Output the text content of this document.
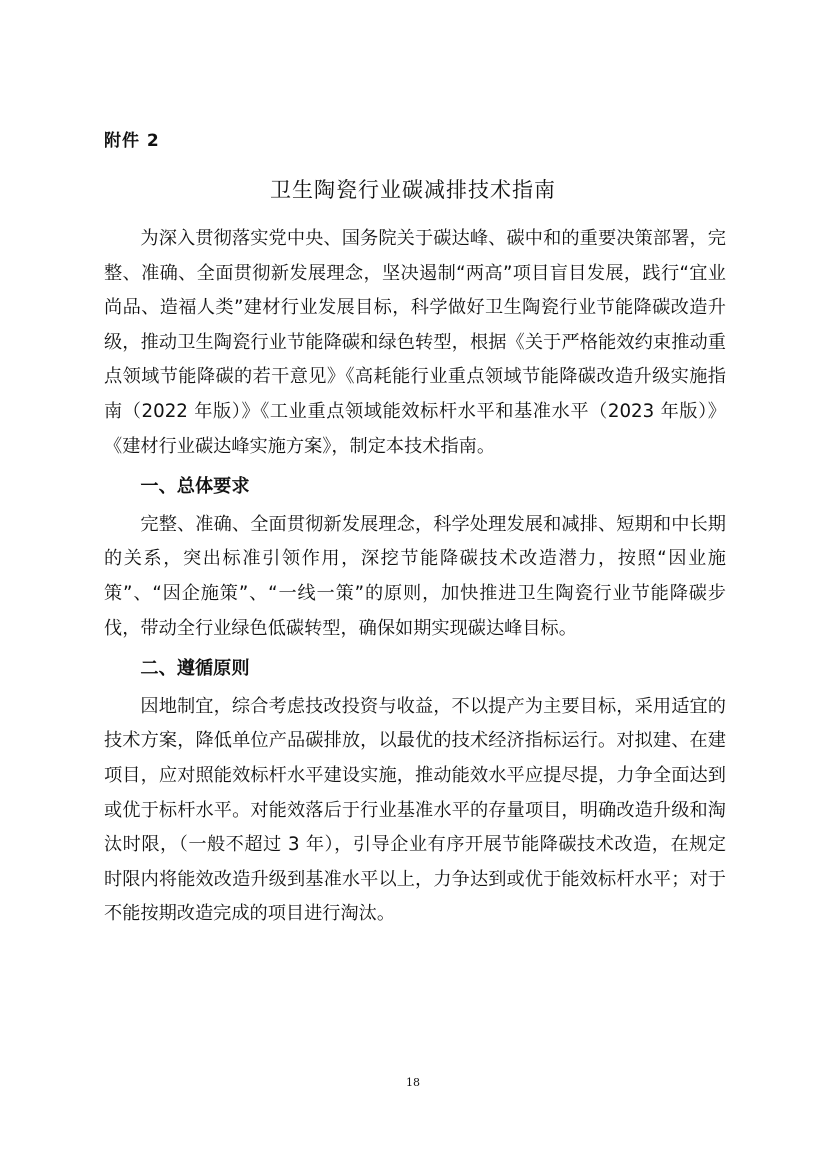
附件 2
卫生陶瓷行业碳减排技术指南

为深入贯彻落实党中央、国务院关于碳达峰、碳中和的重要决策部署，完整、准确、全面贯彻新发展理念，坚决遏制“两高”项目盲目发展，践行“宜业尚品、造福人类”建材行业发展目标，科学做好卫生陶瓷行业节能降碳改造升级，推动卫生陶瓷行业节能降碳和绿色转型，根据《关于严格能效约束推动重点领域节能降碳的若干意见》《高耗能行业重点领域节能降碳改造升级实施指南（2022 年版）》《工业重点领域能效标杆水平和基准水平（2023 年版）》《建材行业碳达峰实施方案》，制定本技术指南。

一、总体要求

完整、准确、全面贯彻新发展理念，科学处理发展和减排、短期和中长期的关系，突出标准引领作用，深挖节能降碳技术改造潜力，按照“因业施策”、“因企施策”、“一线一策”的原则，加快推进卫生陶瓷行业节能降碳步伐，带动全行业绿色低碳转型，确保如期实现碳达峰目标。

二、遵循原则

因地制宜，综合考虑技改投资与收益，不以提产为主要目标，采用适宜的技术方案，降低单位产品碳排放，以最优的技术经济指标运行。对拟建、在建项目，应对照能效标杆水平建设实施，推动能效水平应提尽提，力争全面达到或优于标杆水平。对能效落后于行业基准水平的存量项目，明确改造升级和淘汰时限，（一般不超过 3 年），引导企业有序开展节能降碳技术改造，在规定时限内将能效改造升级到基准水平以上，力争达到或优于能效标杆水平；对于不能按期改造完成的项目进行淘汰。

18
